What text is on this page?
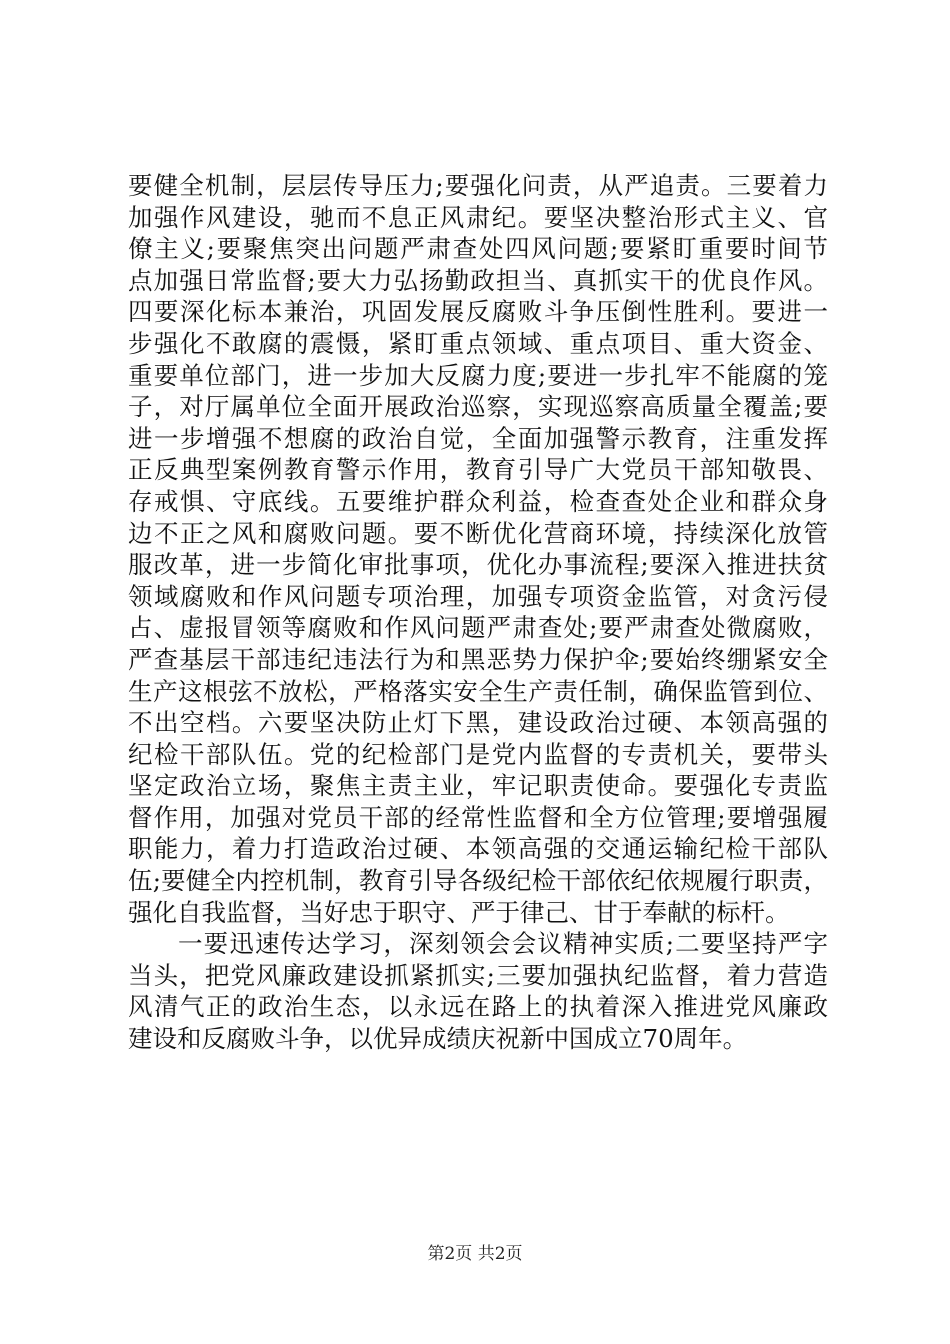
要健全机制，层层传导压力;要强化问责，从严追责。三要着力
加强作风建设，驰而不息正风肃纪。要坚决整治形式主义、官
僚主义;要聚焦突出问题严肃查处四风问题;要紧盯重要时间节
点加强日常监督;要大力弘扬勤政担当、真抓实干的优良作风。
四要深化标本兼治，巩固发展反腐败斗争压倒性胜利。要进一
步强化不敢腐的震慑，紧盯重点领域、重点项目、重大资金、
重要单位部门，进一步加大反腐力度;要进一步扎牢不能腐的笼
子，对厅属单位全面开展政治巡察，实现巡察高质量全覆盖;要
进一步增强不想腐的政治自觉，全面加强警示教育，注重发挥
正反典型案例教育警示作用，教育引导广大党员干部知敬畏、
存戒惧、守底线。五要维护群众利益，检查查处企业和群众身
边不正之风和腐败问题。要不断优化营商环境，持续深化放管
服改革，进一步简化审批事项，优化办事流程;要深入推进扶贫
领域腐败和作风问题专项治理，加强专项资金监管，对贪污侵
占、虚报冒领等腐败和作风问题严肃查处;要严肃查处微腐败，
严查基层干部违纪违法行为和黑恶势力保护伞;要始终绷紧安全
生产这根弦不放松，严格落实安全生产责任制，确保监管到位、
不出空档。六要坚决防止灯下黑，建设政治过硬、本领高强的
纪检干部队伍。党的纪检部门是党内监督的专责机关，要带头
坚定政治立场，聚焦主责主业，牢记职责使命。要强化专责监
督作用，加强对党员干部的经常性监督和全方位管理;要增强履
职能力，着力打造政治过硬、本领高强的交通运输纪检干部队
伍;要健全内控机制，教育引导各级纪检干部依纪依规履行职责，
强化自我监督，当好忠于职守、严于律己、甘于奉献的标杆。
一要迅速传达学习，深刻领会会议精神实质;二要坚持严字
当头，把党风廉政建设抓紧抓实;三要加强执纪监督，着力营造
风清气正的政治生态，以永远在路上的执着深入推进党风廉政
建设和反腐败斗争，以优异成绩庆祝新中国成立70周年。
第2页 共2页
